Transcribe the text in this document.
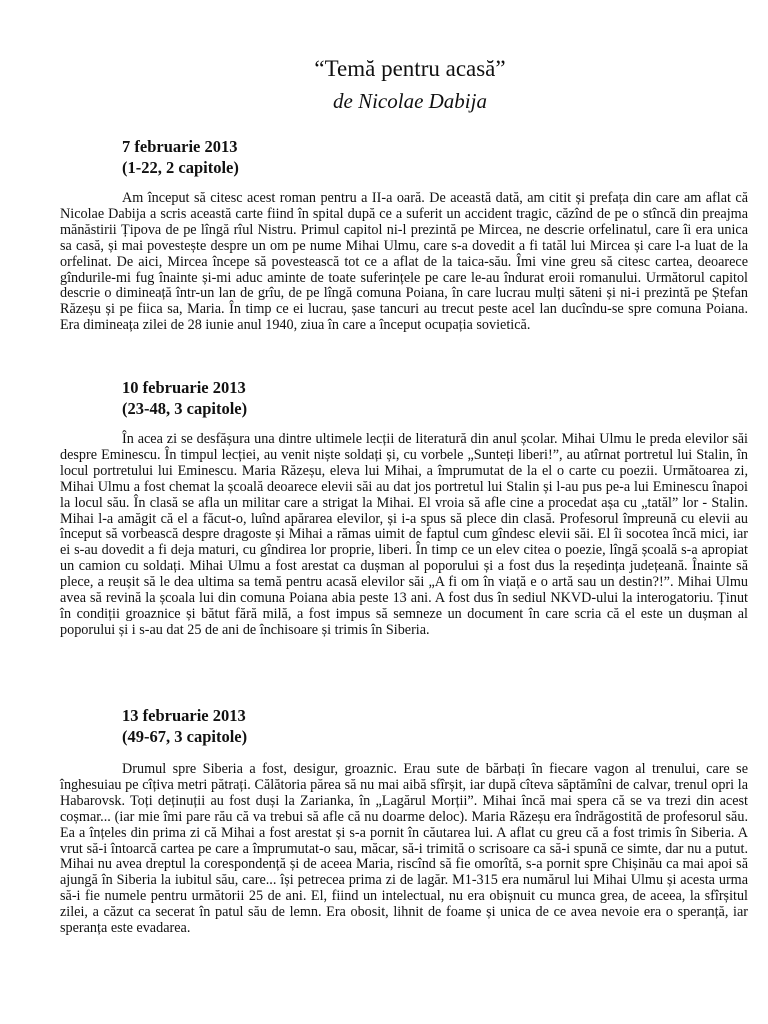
“Temă pentru acasă”
de Nicolae Dabija
7 februarie 2013
(1-22, 2 capitole)
Am început să citesc acest roman pentru a II-a oară. De această dată, am citit și prefața din care am aflat că Nicolae Dabija a scris această carte fiind în spital după ce a suferit un accident tragic, căzînd de pe o stîncă din preajma mănăstirii Țipova de pe lîngă rîul Nistru. Primul capitol ni-l prezintă pe Mircea, ne descrie orfelinatul, care îi era unica sa casă, și mai povestește despre un om pe nume Mihai Ulmu, care s-a dovedit a fi tatăl lui Mircea și care l-a luat de la orfelinat. De aici, Mircea începe să povestească tot ce a aflat de la taica-său. Îmi vine greu să citesc cartea, deoarece gîndurile-mi fug înainte și-mi aduc aminte de toate suferințele pe care le-au îndurat eroii romanului. Următorul capitol descrie o dimineață într-un lan de grîu, de pe lîngă comuna Poiana, în care lucrau mulți săteni și ni-i prezintă pe Ștefan Răzeșu și pe fiica sa, Maria. În timp ce ei lucrau, șase tancuri au trecut peste acel lan ducîndu-se spre comuna Poiana. Era dimineața zilei de 28 iunie anul 1940, ziua în care a început ocupația sovietică.
10 februarie 2013
(23-48, 3 capitole)
În acea zi se desfășura una dintre ultimele lecții de literatură din anul școlar. Mihai Ulmu le preda elevilor săi despre Eminescu. În timpul lecției, au venit niște soldați și, cu vorbele „Sunteți liberi!”, au atîrnat portretul lui Stalin, în locul portretului lui Eminescu. Maria Răzeșu, eleva lui Mihai, a împrumutat de la el o carte cu poezii. Următoarea zi, Mihai Ulmu a fost chemat la școală deoarece elevii săi au dat jos portretul lui Stalin și l-au pus pe-a lui Eminescu înapoi la locul său. În clasă se afla un militar care a strigat la Mihai. El vroia să afle cine a procedat așa cu „tatăl” lor - Stalin. Mihai l-a amăgit că el a făcut-o, luînd apărarea elevilor, și i-a spus să plece din clasă. Profesorul împreună cu elevii au început să vorbească despre dragoste și Mihai a rămas uimit de faptul cum gîndesc elevii săi. El îi socotea încă mici, iar ei s-au dovedit a fi deja maturi, cu gîndirea lor proprie, liberi. În timp ce un elev citea o poezie, lîngă școală s-a apropiat un camion cu soldați. Mihai Ulmu a fost arestat ca dușman al poporului și a fost dus la reședința județeană. Înainte să plece, a reușit să le dea ultima sa temă pentru acasă elevilor săi „A fi om în viață e o artă sau un destin?!”. Mihai Ulmu avea să revină la școala lui din comuna Poiana abia peste 13 ani. A fost dus în sediul NKVD-ului la interogatoriu. Ținut în condiții groaznice și bătut fără milă, a fost impus să semneze un document în care scria că el este un dușman al poporului și i s-au dat 25 de ani de închisoare și trimis în Siberia.
13 februarie 2013
(49-67, 3 capitole)
Drumul spre Siberia a fost, desigur, groaznic. Erau sute de bărbați în fiecare vagon al trenului, care se înghesuiau pe cîțiva metri pătrați. Călătoria părea să nu mai aibă sfîrșit, iar după cîteva săptămîni de calvar, trenul opri la Habarovsk. Toți deținuții au fost duși la Zarianka, în „Lagărul Morții”. Mihai încă mai spera că se va trezi din acest coșmar... (iar mie îmi pare rău că va trebui să afle că nu doarme deloc). Maria Răzeșu era îndrăgostită de profesorul său. Ea a înțeles din prima zi că Mihai a fost arestat și s-a pornit în căutarea lui. A aflat cu greu că a fost trimis în Siberia. A vrut să-i întoarcă cartea pe care a împrumutat-o sau, măcar, să-i trimită o scrisoare ca să-i spună ce simte, dar nu a putut. Mihai nu avea dreptul la corespondență și de aceea Maria, riscînd să fie omorîtă, s-a pornit spre Chișinău ca mai apoi să ajungă în Siberia la iubitul său, care... își petrecea prima zi de lagăr. M1-315 era numărul lui Mihai Ulmu și acesta urma să-i fie numele pentru următorii 25 de ani. El, fiind un intelectual, nu era obișnuit cu munca grea, de aceea, la sfîrșitul zilei, a căzut ca secerat în patul său de lemn. Era obosit, lihnit de foame și unica de ce avea nevoie era o speranță, iar speranța este evadarea.
